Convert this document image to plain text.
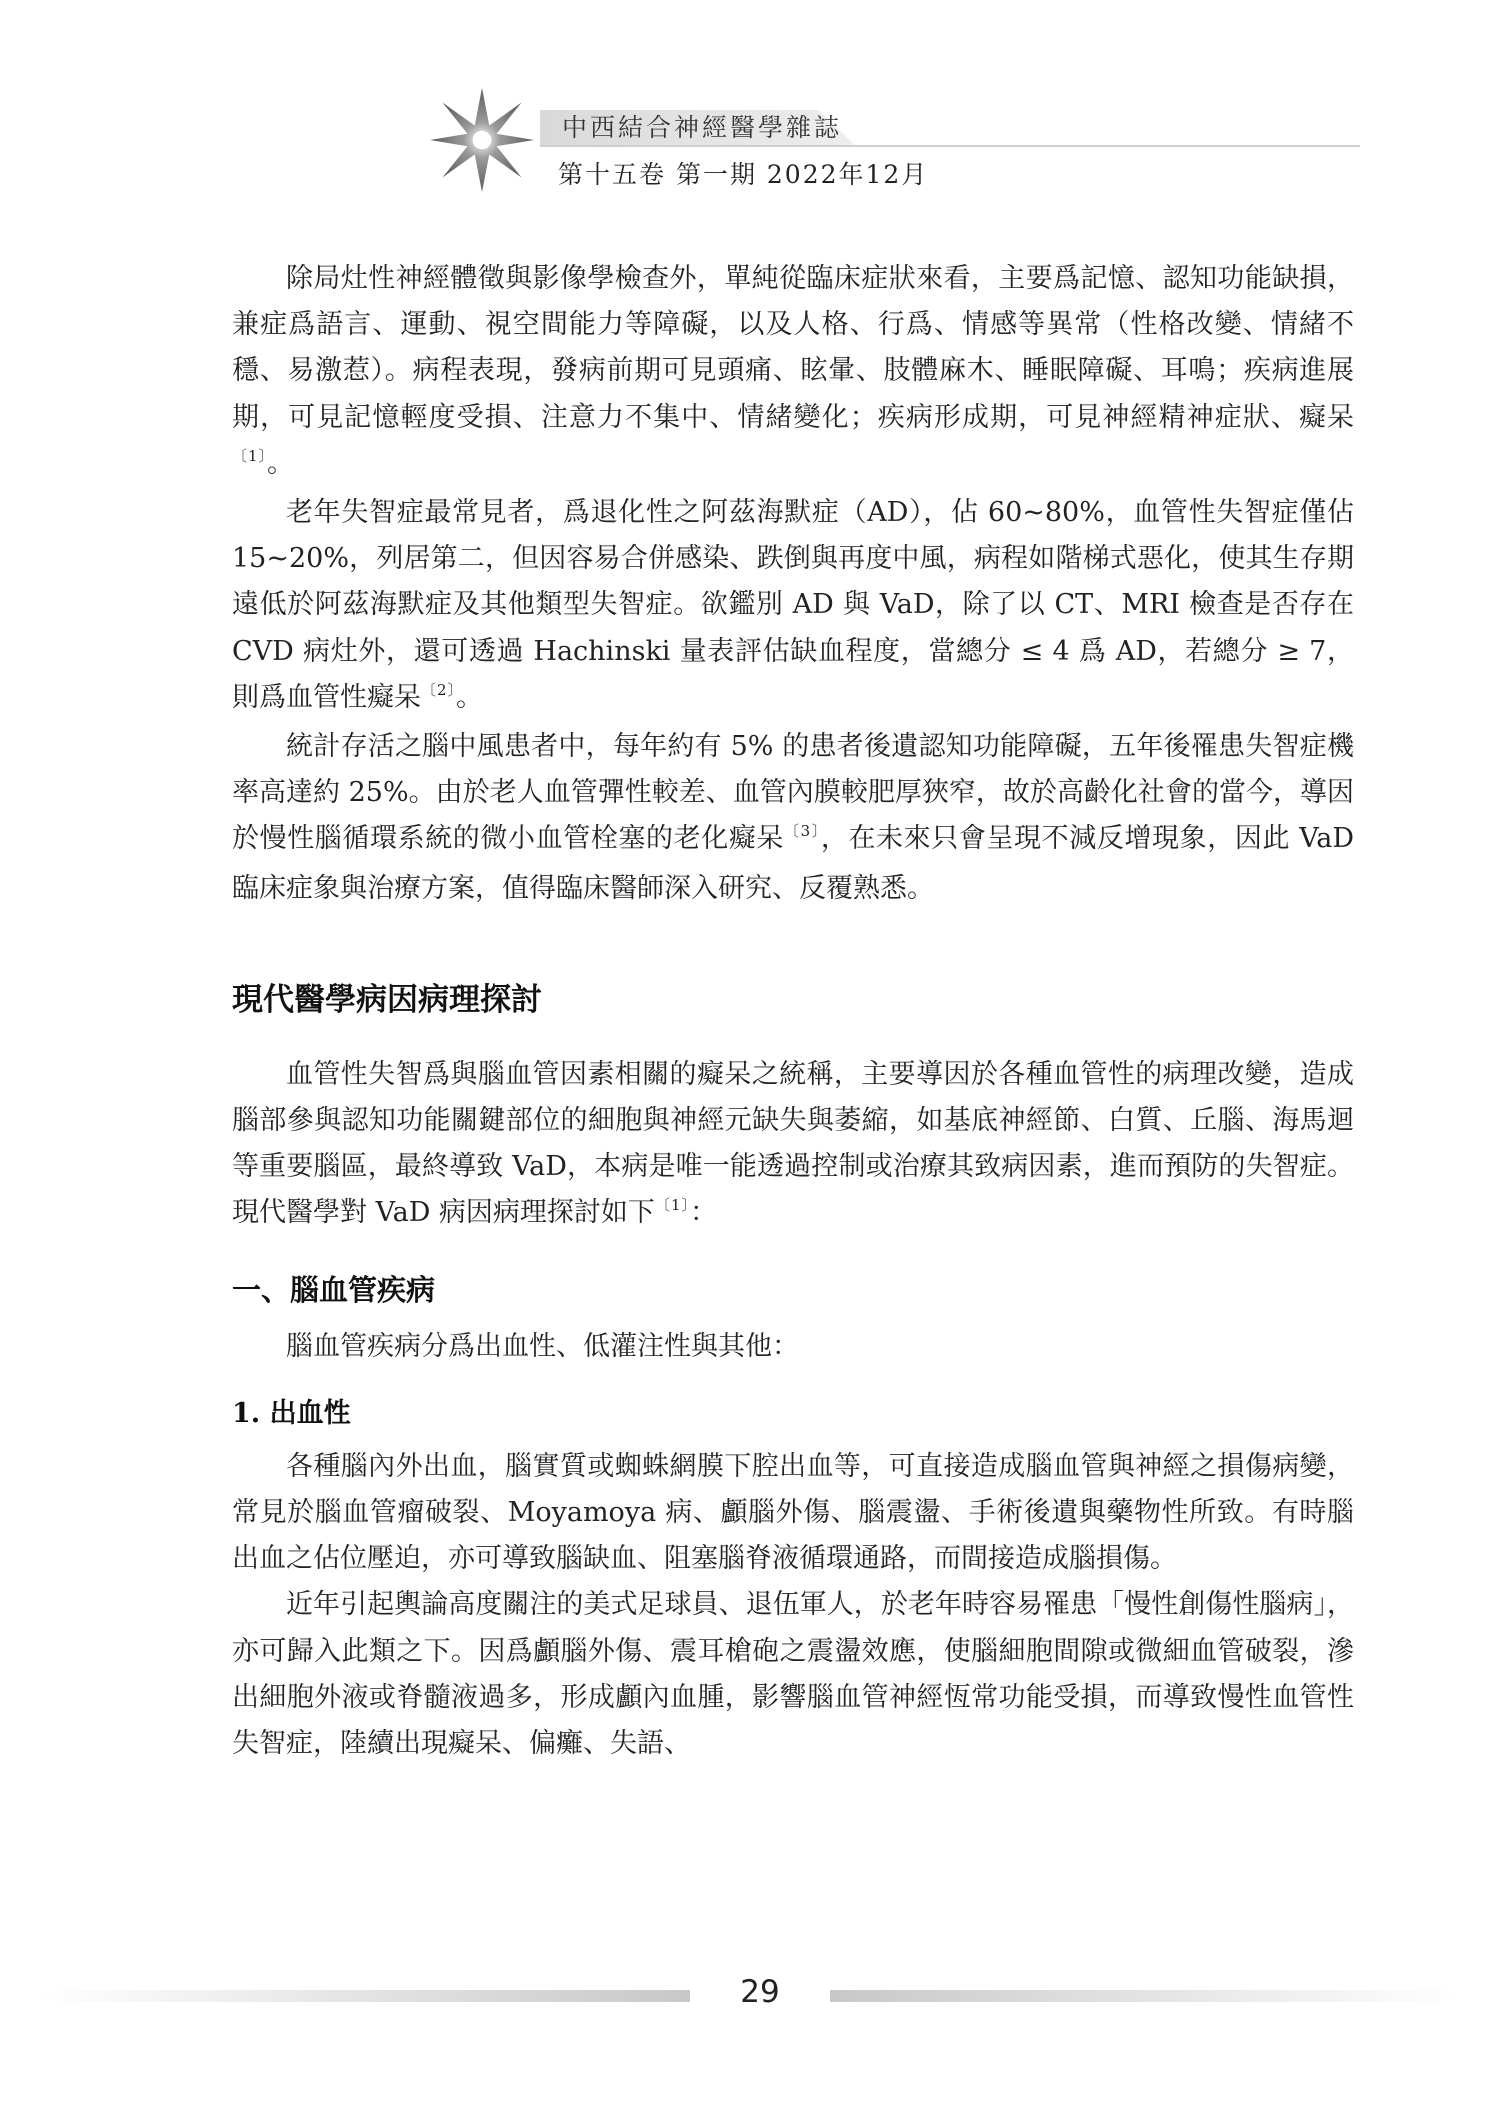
中西結合神經醫學雜誌
第十五卷 第一期 2022年12月

除局灶性神經體徵與影像學檢查外，單純從臨床症狀來看，主要爲記憶、認知功能缺損，兼症爲語言、運動、視空間能力等障礙，以及人格、行爲、情感等異常（性格改變、情緒不穩、易激惹）。病程表現，發病前期可見頭痛、眩暈、肢體麻木、睡眠障礙、耳鳴；疾病進展期，可見記憶輕度受損、注意力不集中、情緒變化；疾病形成期，可見神經精神症狀、癡呆$^{〔1〕}$。

老年失智症最常見者，爲退化性之阿茲海默症（AD），佔 60~80%，血管性失智症僅佔 15~20%，列居第二，但因容易合併感染、跌倒與再度中風，病程如階梯式惡化，使其生存期遠低於阿茲海默症及其他類型失智症。欲鑑別 AD 與 VaD，除了以 CT、MRI 檢查是否存在 CVD 病灶外，還可透過 Hachinski 量表評估缺血程度，當總分 ≤ 4 爲 AD，若總分 ≥ 7，則爲血管性癡呆$^{〔2〕}$。

統計存活之腦中風患者中，每年約有 5% 的患者後遺認知功能障礙，五年後罹患失智症機率高達約 25%。由於老人血管彈性較差、血管內膜較肥厚狹窄，故於高齡化社會的當今，導因於慢性腦循環系統的微小血管栓塞的老化癡呆$^{〔3〕}$，在未來只會呈現不減反增現象，因此 VaD 臨床症象與治療方案，值得臨床醫師深入研究、反覆熟悉。

現代醫學病因病理探討

血管性失智爲與腦血管因素相關的癡呆之統稱，主要導因於各種血管性的病理改變，造成腦部參與認知功能關鍵部位的細胞與神經元缺失與萎縮，如基底神經節、白質、丘腦、海馬迴等重要腦區，最終導致 VaD，本病是唯一能透過控制或治療其致病因素，進而預防的失智症。現代醫學對 VaD 病因病理探討如下$^{〔1〕}$：

一、腦血管疾病

腦血管疾病分爲出血性、低灌注性與其他：

1. 出血性

各種腦內外出血，腦實質或蜘蛛網膜下腔出血等，可直接造成腦血管與神經之損傷病變，常見於腦血管瘤破裂、Moyamoya 病、顱腦外傷、腦震盪、手術後遺與藥物性所致。有時腦出血之佔位壓迫，亦可導致腦缺血、阻塞腦脊液循環通路，而間接造成腦損傷。

近年引起輿論高度關注的美式足球員、退伍軍人，於老年時容易罹患「慢性創傷性腦病」，亦可歸入此類之下。因爲顱腦外傷、震耳槍砲之震盪效應，使腦細胞間隙或微細血管破裂，滲出細胞外液或脊髓液過多，形成顱內血腫，影響腦血管神經恆常功能受損，而導致慢性血管性失智症，陸續出現癡呆、偏癱、失語、

29
